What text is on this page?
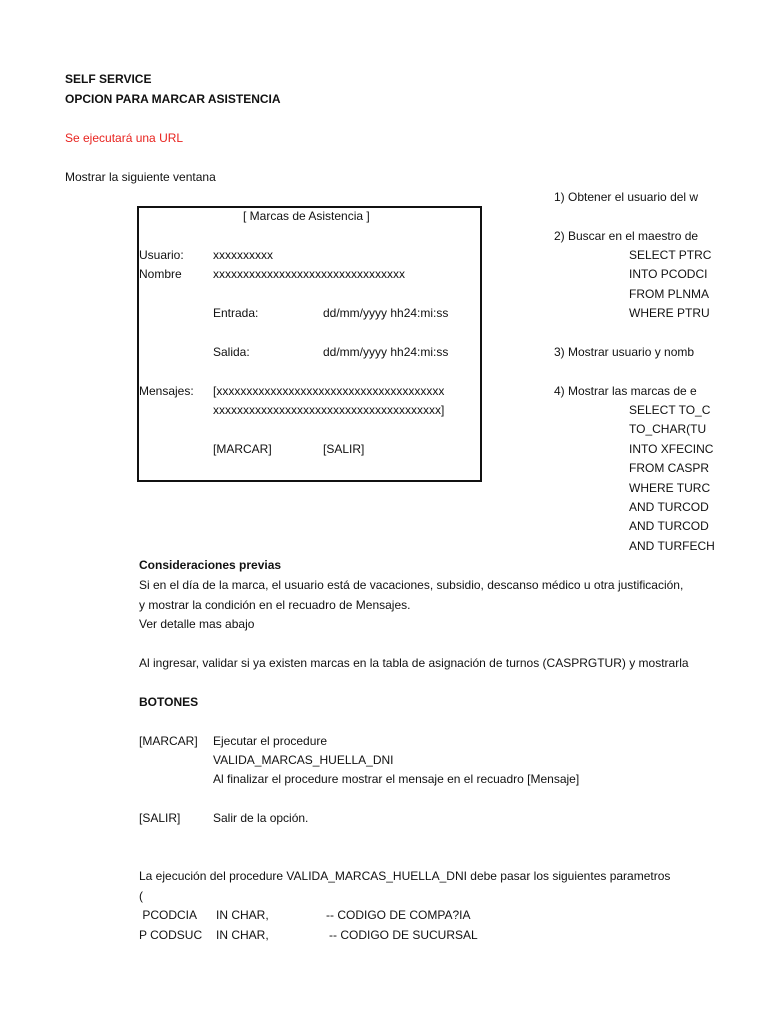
SELF SERVICE
OPCION PARA MARCAR ASISTENCIA
Se ejecutará una URL
Mostrar la siguiente ventana
[ Marcas de Asistencia ]
Usuario: xxxxxxxxxx
Nombre	xxxxxxxxxxxxxxxxxxxxxxxxxxxxxxxx
Entrada:	dd/mm/yyyy hh24:mi:ss
Salida:	dd/mm/yyyy hh24:mi:ss
Mensajes: [xxxxxxxxxxxxxxxxxxxxxxxxxxxxxxxxxxxxxx
xxxxxxxxxxxxxxxxxxxxxxxxxxxxxxxxxxxxxx]
[MARCAR]	[SALIR]
1) Obtener el usuario del w
2) Buscar en el maestro de
SELECT PTRC
INTO PCODCI
FROM PLNMA
WHERE PTRU
3) Mostrar usuario y nomb
4) Mostrar las marcas de e
SELECT TO_C
TO_CHAR(TU
INTO XFECINC
FROM CASPR
WHERE TURC
AND TURCOD
AND TURCOD
AND TURFECH
Consideraciones previas
Si en el día de la marca, el usuario está de vacaciones, subsidio, descanso médico u otra justificación,
y mostrar la condición en el recuadro de Mensajes.
Ver detalle mas abajo
Al ingresar, validar si ya existen marcas en la tabla de asignación de turnos (CASPRGTUR) y mostrarla
BOTONES
[MARCAR] Ejecutar el procedure
VALIDA_MARCAS_HUELLA_DNI
Al finalizar el procedure mostrar el mensaje en el recuadro [Mensaje]
[SALIR]	Salir de la opción.
La ejecución del procedure VALIDA_MARCAS_HUELLA_DNI debe pasar los siguientes parametros
(
PCODCIA IN CHAR,	-- CODIGO DE COMPA?IA
P CODSUC IN CHAR,	-- CODIGO DE SUCURSAL
